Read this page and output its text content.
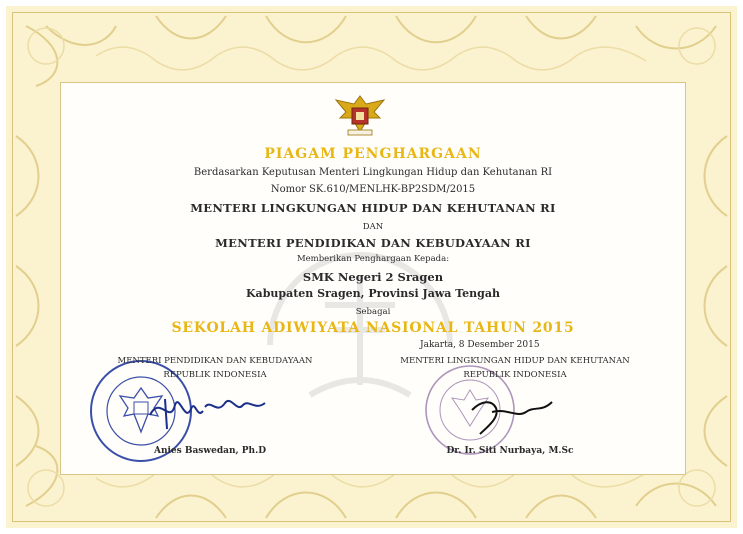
PIAGAM PENGHARGAAN
Berdasarkan Keputusan Menteri Lingkungan Hidup dan Kehutanan RI
Nomor SK.610/MENLHK-BP2SDM/2015
MENTERI LINGKUNGAN HIDUP DAN KEHUTANAN RI
DAN
MENTERI PENDIDIKAN DAN KEBUDAYAAN RI
Memberikan Penghargaan Kepada:
SMK Negeri 2 Sragen
Kabupaten Sragen, Provinsi Jawa Tengah
Sebagai
SEKOLAH ADIWIYATA NASIONAL TAHUN 2015
Jakarta, 8 Desember 2015
MENTERI PENDIDIKAN DAN KEBUDAYAAN
REPUBLIK INDONESIA
Anies Baswedan, Ph.D
MENTERI LINGKUNGAN HIDUP DAN KEHUTANAN
REPUBLIK INDONESIA
Dr. Ir. Siti Nurbaya, M.Sc
